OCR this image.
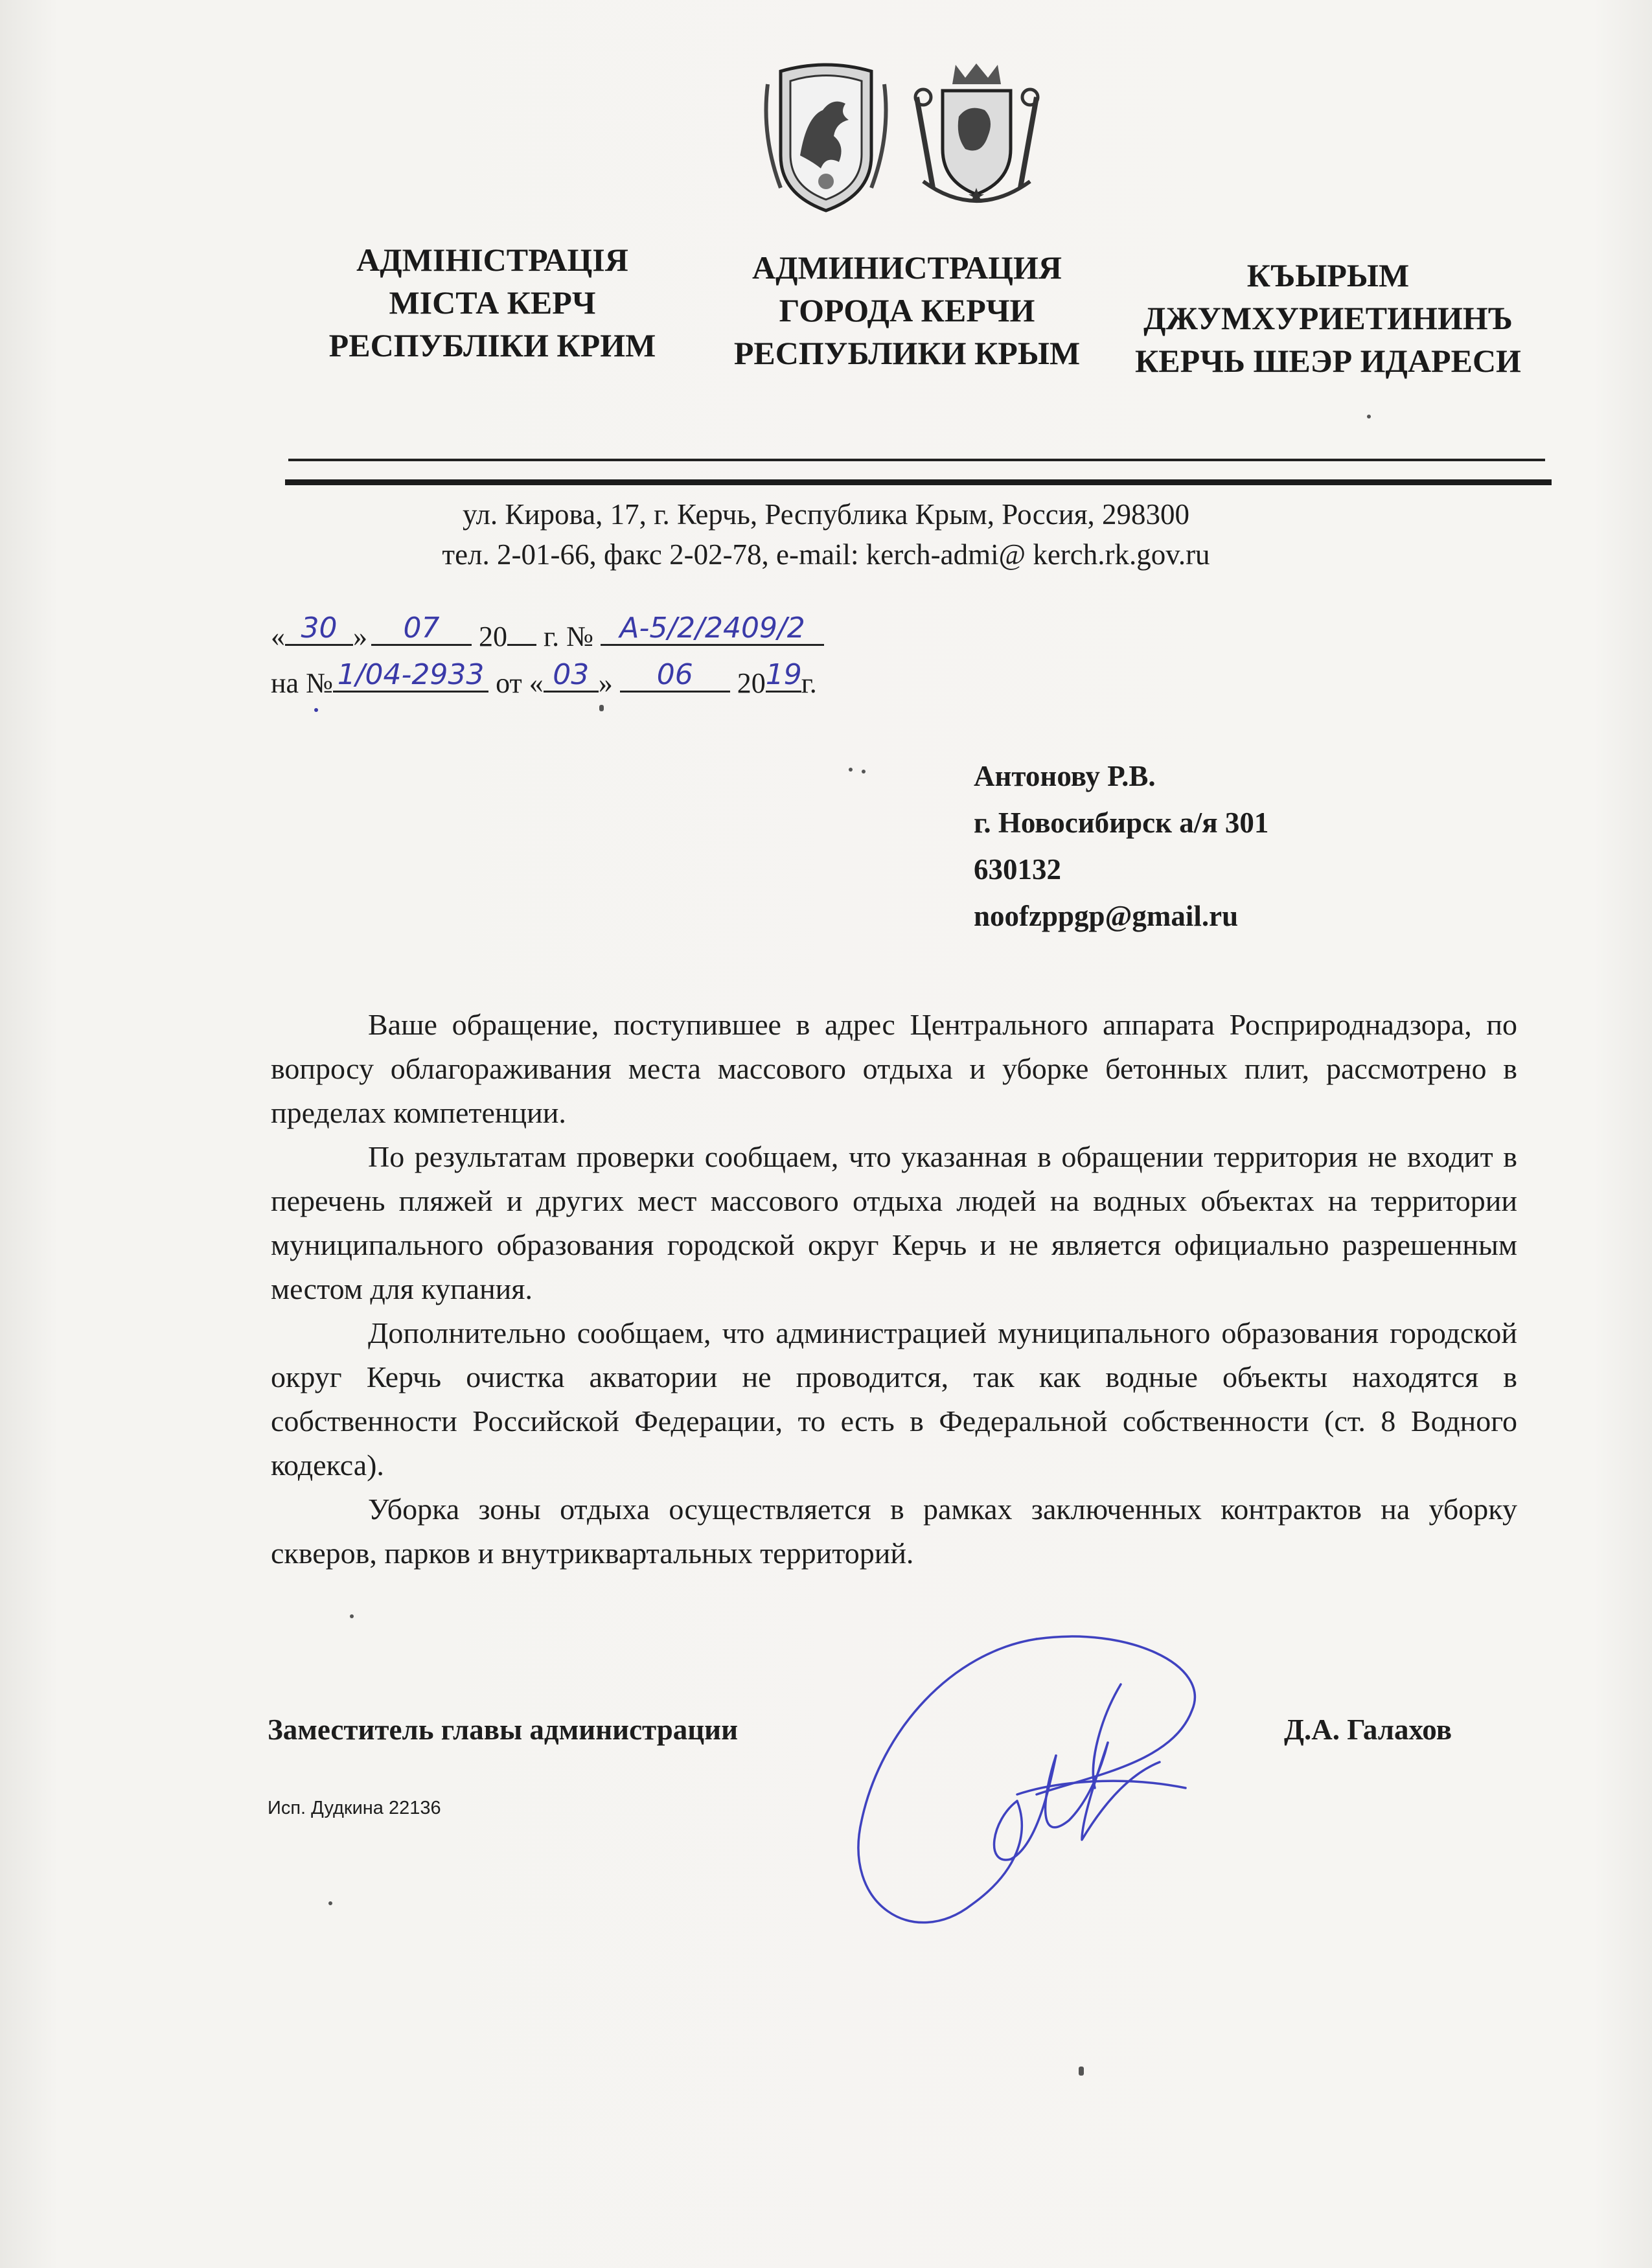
АДМІНІСТРАЦІЯ
МІСТА КЕРЧ
РЕСПУБЛІКИ КРИМ
АДМИНИСТРАЦИЯ
ГОРОДА КЕРЧИ
РЕСПУБЛИКИ КРЫМ
КЪЫРЫМ
ДЖУМХУРИЕТИНИНЪ
КЕРЧЬ ШЕЭР ИДАРЕСИ
ул. Кирова, 17, г. Керчь, Республика Крым, Россия, 298300
тел. 2-01-66, факс 2-02-78, e-mail: kerch-admi@ kerch.rk.gov.ru
« 30 »	07	20 г. № А-5/2/2409/2
на № 1/04-2933 от « 03 »	06	20 19 г.
Антонову Р.В.
г. Новосибирск а/я 301
630132
noofzppgp@gmail.ru

Ваше обращение, поступившее в адрес Центрального аппарата Росприроднадзора, по вопросу облагораживания места массового отдыха и уборке бетонных плит, рассмотрено в пределах компетенции.

По результатам проверки сообщаем, что указанная в обращении территория не входит в перечень пляжей и других мест массового отдыха людей на водных объектах на территории муниципального образования городской округ Керчь и не является официально разрешенным местом для купания.

Дополнительно сообщаем, что администрацией муниципального образования городской округ Керчь очистка акватории не проводится, так как водные объекты находятся в собственности Российской Федерации, то есть в Федеральной собственности (ст. 8 Водного кодекса).

Уборка зоны отдыха осуществляется в рамках заключенных контрактов на уборку скверов, парков и внутриквартальных территорий.

Заместитель главы администрации	Д.А. Галахов
Исп. Дудкина 22136
